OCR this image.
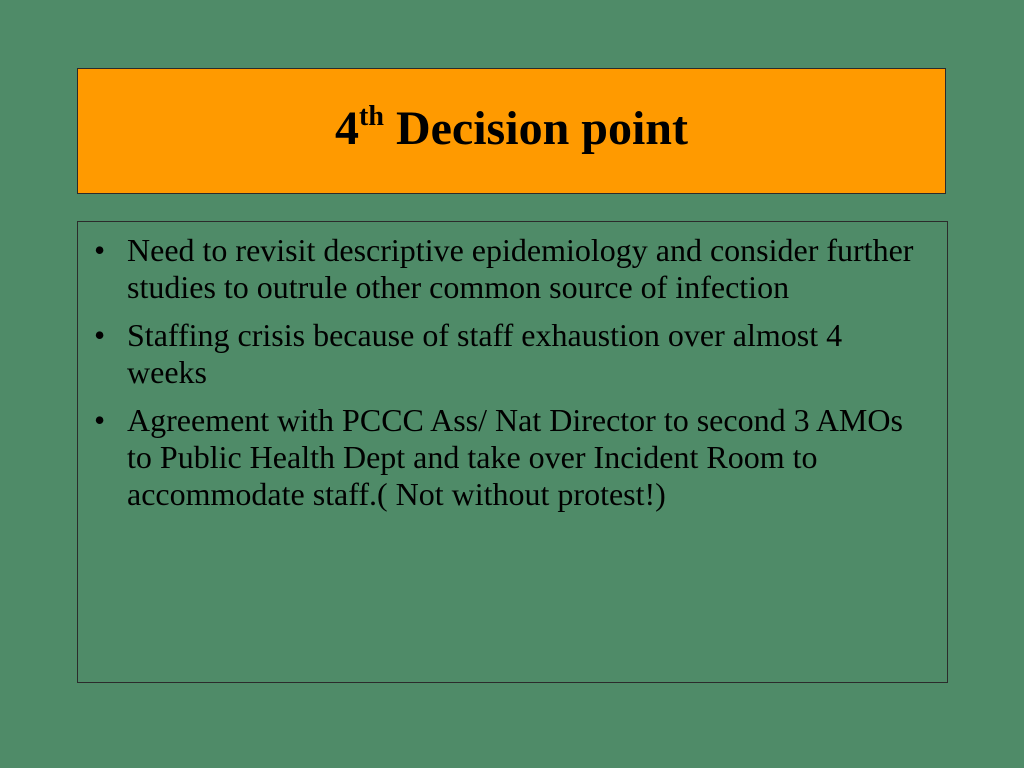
4th Decision point
• Need to revisit descriptive epidemiology and consider further studies to outrule other common source of infection
• Staffing crisis because of staff exhaustion over almost 4 weeks
• Agreement with PCCC Ass/ Nat Director to second 3 AMOs to Public Health Dept and take over Incident Room to accommodate staff.( Not without protest!)
